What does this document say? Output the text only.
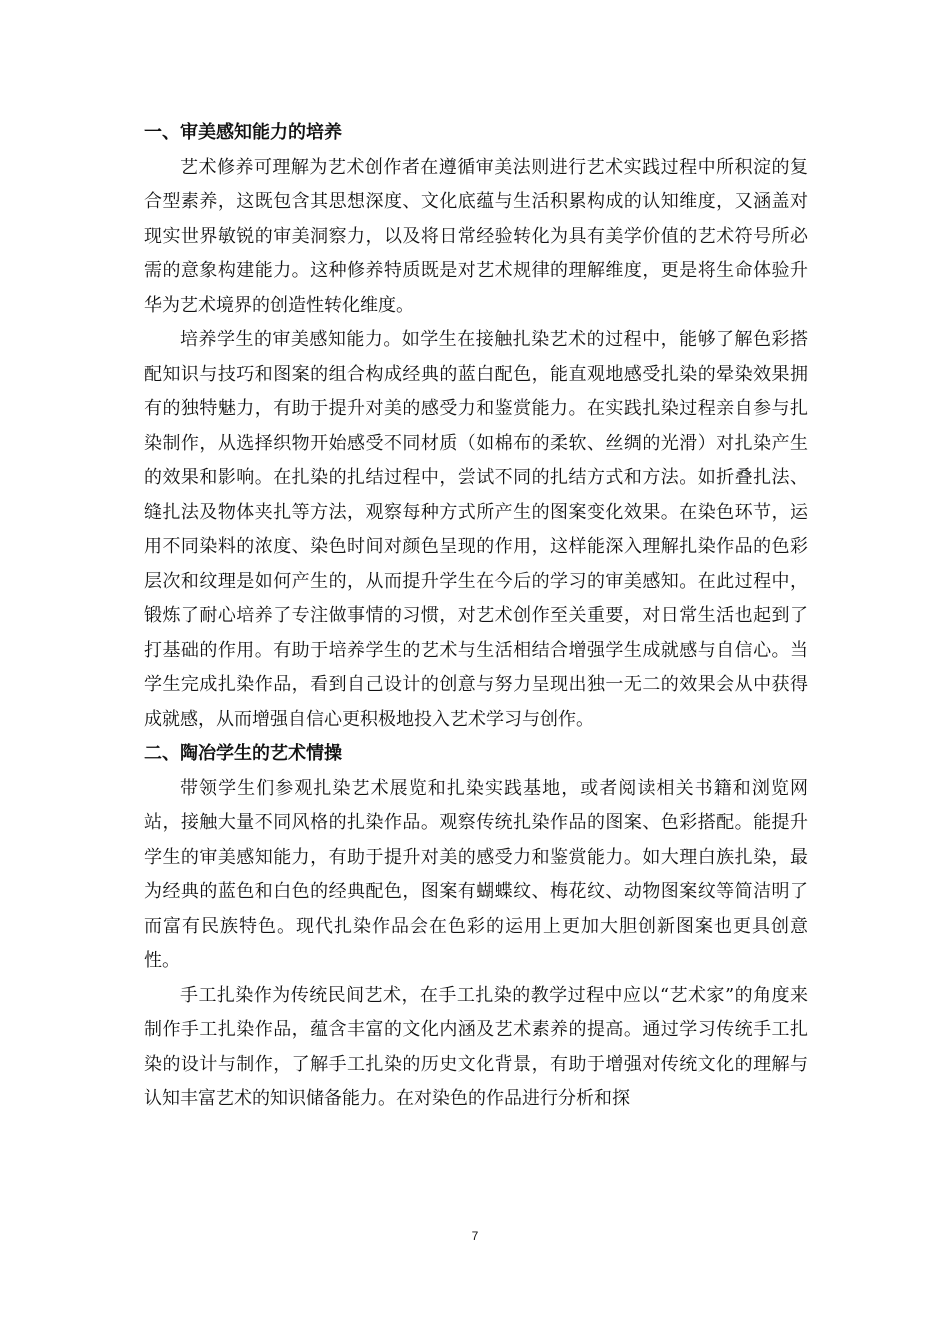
一、审美感知能力的培养

艺术修养可理解为艺术创作者在遵循审美法则进行艺术实践过程中所积淀的复合型素养，这既包含其思想深度、文化底蕴与生活积累构成的认知维度，又涵盖对现实世界敏锐的审美洞察力，以及将日常经验转化为具有美学价值的艺术符号所必需的意象构建能力。这种修养特质既是对艺术规律的理解维度，更是将生命体验升华为艺术境界的创造性转化维度。

培养学生的审美感知能力。如学生在接触扎染艺术的过程中，能够了解色彩搭配知识与技巧和图案的组合构成经典的蓝白配色，能直观地感受扎染的晕染效果拥有的独特魅力，有助于提升对美的感受力和鉴赏能力。在实践扎染过程亲自参与扎染制作，从选择织物开始感受不同材质（如棉布的柔软、丝绸的光滑）对扎染产生的效果和影响。在扎染的扎结过程中，尝试不同的扎结方式和方法。如折叠扎法、缝扎法及物体夹扎等方法，观察每种方式所产生的图案变化效果。在染色环节，运用不同染料的浓度、染色时间对颜色呈现的作用，这样能深入理解扎染作品的色彩层次和纹理是如何产生的，从而提升学生在今后的学习的审美感知。在此过程中，锻炼了耐心培养了专注做事情的习惯，对艺术创作至关重要，对日常生活也起到了打基础的作用。有助于培养学生的艺术与生活相结合增强学生成就感与自信心。当学生完成扎染作品，看到自己设计的创意与努力呈现出独一无二的效果会从中获得成就感，从而增强自信心更积极地投入艺术学习与创作。

二、陶冶学生的艺术情操

带领学生们参观扎染艺术展览和扎染实践基地，或者阅读相关书籍和浏览网站，接触大量不同风格的扎染作品。观察传统扎染作品的图案、色彩搭配。能提升学生的审美感知能力，有助于提升对美的感受力和鉴赏能力。如大理白族扎染，最为经典的蓝色和白色的经典配色，图案有蝴蝶纹、梅花纹、动物图案纹等简洁明了而富有民族特色。现代扎染作品会在色彩的运用上更加大胆创新图案也更具创意性。

手工扎染作为传统民间艺术，在手工扎染的教学过程中应以“艺术家”的角度来制作手工扎染作品，蕴含丰富的文化内涵及艺术素养的提高。通过学习传统手工扎染的设计与制作，了解手工扎染的历史文化背景，有助于增强对传统文化的理解与认知丰富艺术的知识储备能力。在对染色的作品进行分析和探

7
